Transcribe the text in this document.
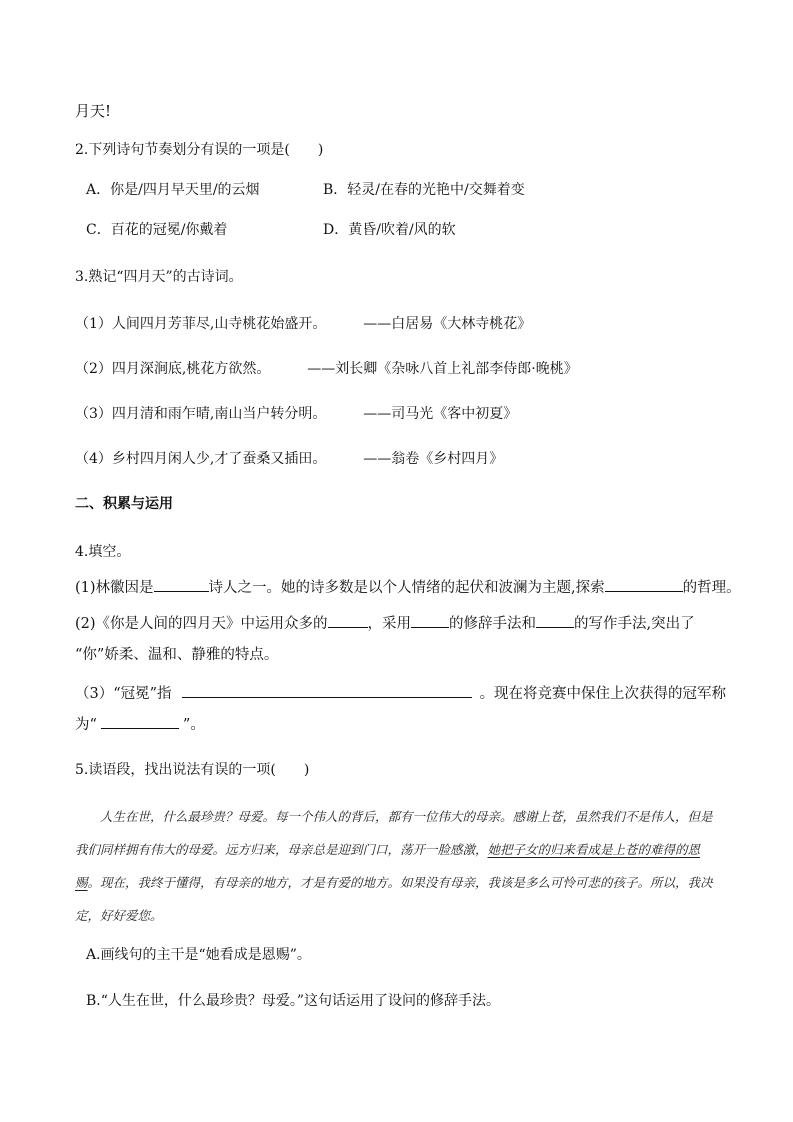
月天!
2.下列诗句节奏划分有误的一项是(　　)
A．你是/四月早天里/的云烟	B．轻灵/在春的光艳中/交舞着变
C．百花的冠冕/你戴着	D．黄昏/吹着/风的软
3.熟记“四月天”的古诗词。
（1）人间四月芳菲尽,山寺桃花始盛开。	——白居易《大林寺桃花》
（2）四月深涧底,桃花方欲然。	——刘长卿《杂咏八首上礼部李侍郎·晚桃》
（3）四月清和雨乍晴,南山当户转分明。	——司马光《客中初夏》
（4）乡村四月闲人少,才了蚕桑又插田。	——翁卷《乡村四月》
二、积累与运用
4.填空。
(1)林徽因是	诗人之一。她的诗多数是以个人情绪的起伏和波澜为主题,探索	的哲理。
(2)《你是人间的四月天》中运用众多的	，采用	的修辞手法和	的写作手法,突出了
“你”娇柔、温和、静雅的特点。
（3）“冠冕”指	。现在将竞赛中保住上次获得的冠军称
为“	”。
5.读语段，找出说法有误的一项(　　)
人生在世，什么最珍贵？母爱。每一个伟人的背后，都有一位伟大的母亲。感谢上苍，虽然我们不是伟人，但是我们同样拥有伟大的母爱。远方归来，母亲总是迎到门口，荡开一脸感激，她把子女的归来看成是上苍的难得的恩赐。现在，我终于懂得，有母亲的地方，才是有爱的地方。如果没有母亲，我该是多么可怜可悲的孩子。所以，我决定，好好爱您。
A.画线句的主干是“她看成是恩赐”。
B.“人生在世，什么最珍贵？母爱。”这句话运用了设问的修辞手法。
